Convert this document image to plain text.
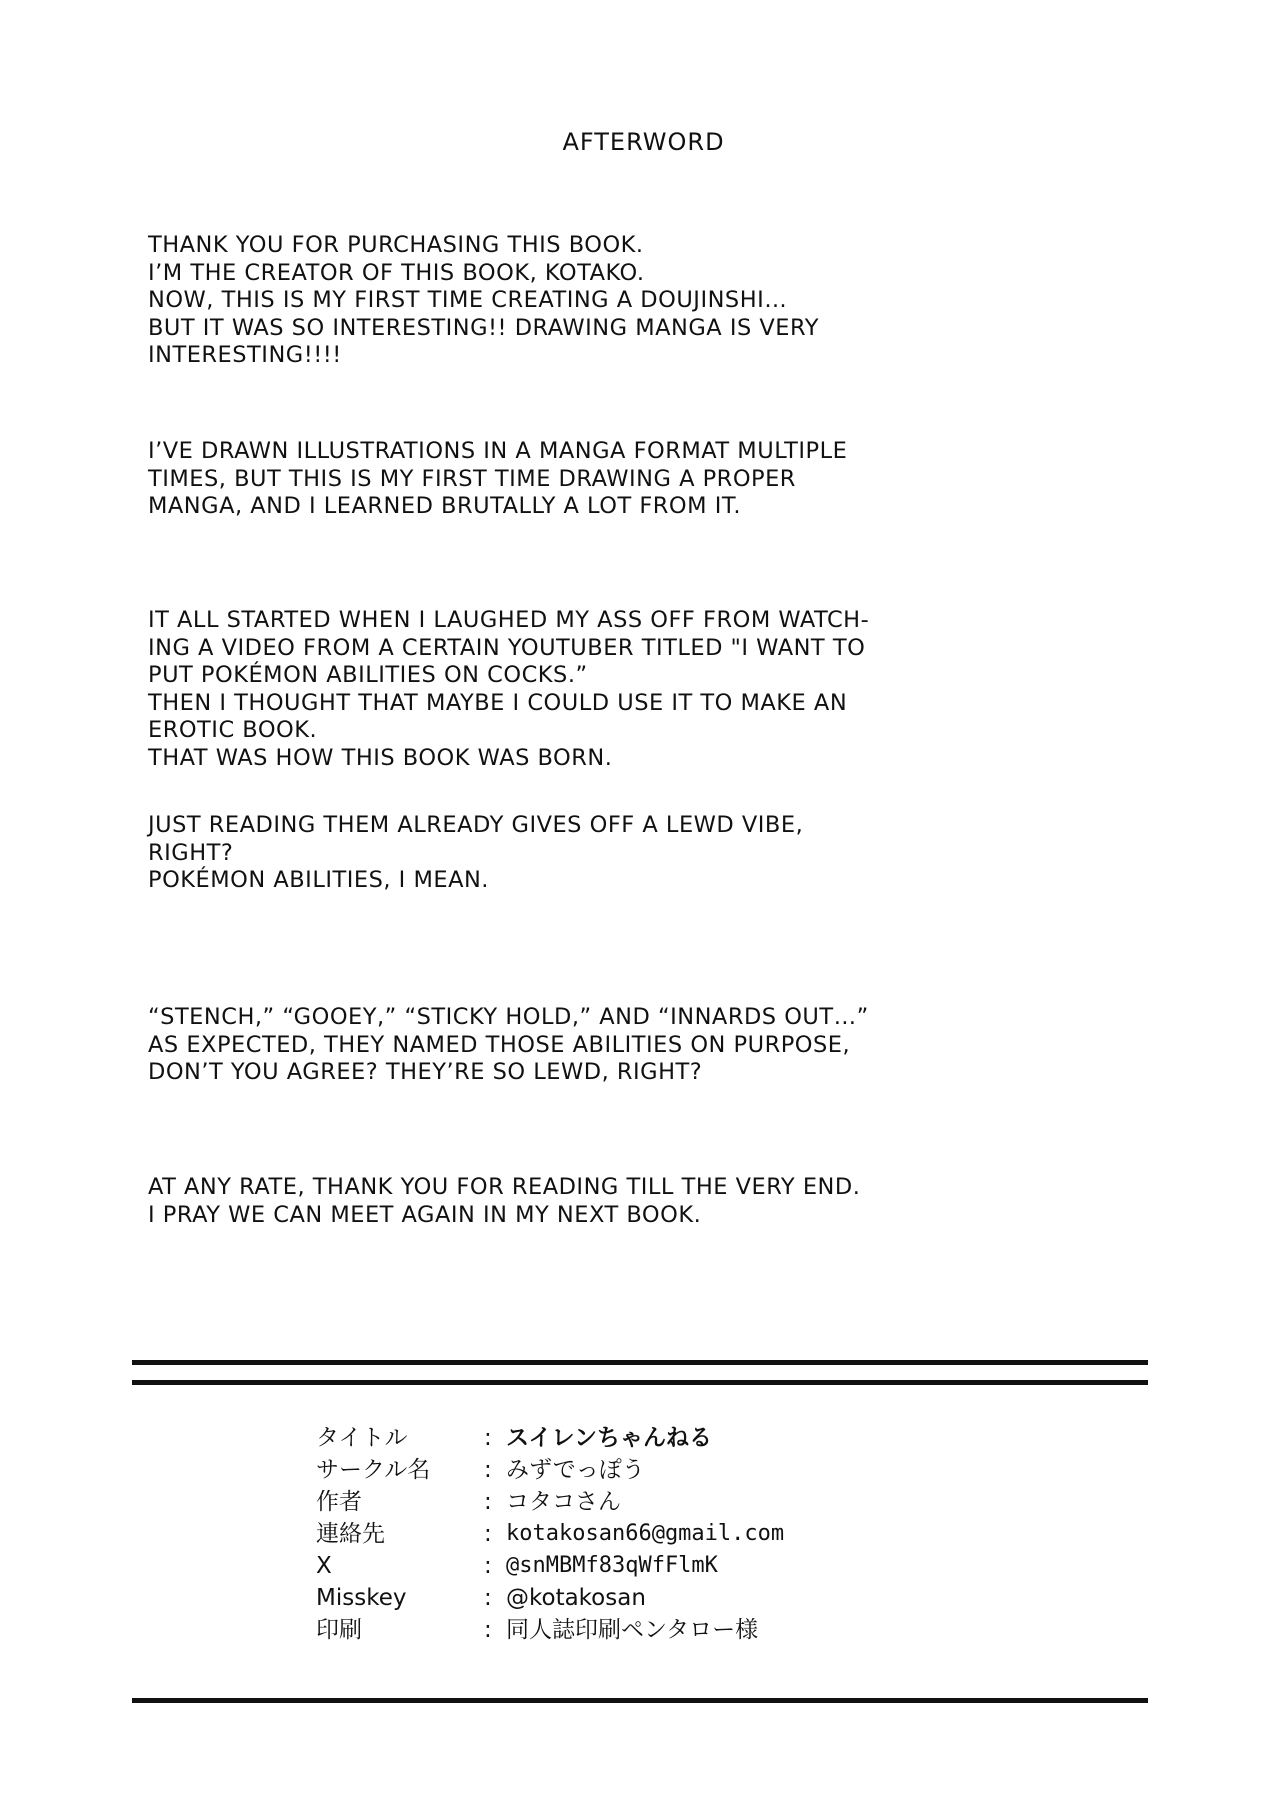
AFTERWORD

THANK YOU FOR PURCHASING THIS BOOK.
I’M THE CREATOR OF THIS BOOK, KOTAKO.
NOW, THIS IS MY FIRST TIME CREATING A DOUJINSHI…
BUT IT WAS SO INTERESTING!! DRAWING MANGA IS VERY
INTERESTING!!!!

I’VE DRAWN ILLUSTRATIONS IN A MANGA FORMAT MULTIPLE
TIMES, BUT THIS IS MY FIRST TIME DRAWING A PROPER
MANGA, AND I LEARNED BRUTALLY A LOT FROM IT.

IT ALL STARTED WHEN I LAUGHED MY ASS OFF FROM WATCH-
ING A VIDEO FROM A CERTAIN YOUTUBER TITLED "I WANT TO
PUT POKÉMON ABILITIES ON COCKS.”
THEN I THOUGHT THAT MAYBE I COULD USE IT TO MAKE AN
EROTIC BOOK.
THAT WAS HOW THIS BOOK WAS BORN.

JUST READING THEM ALREADY GIVES OFF A LEWD VIBE,
RIGHT?
POKÉMON ABILITIES, I MEAN.

“STENCH,” “GOOEY,” “STICKY HOLD,” AND “INNARDS OUT…”
AS EXPECTED, THEY NAMED THOSE ABILITIES ON PURPOSE,
DON’T YOU AGREE? THEY’RE SO LEWD, RIGHT?

AT ANY RATE, THANK YOU FOR READING TILL THE VERY END.
I PRAY WE CAN MEET AGAIN IN MY NEXT BOOK.

タイトル	: スイレンちゃんねる
サークル名	: みずでっぽう
作者	: コタコさん
連絡先	: kotakosan66@gmail.com
X	: @snMBMf83qWfFlmK
Misskey	: @kotakosan
印刷	: 同人誌印刷ペンタロー様
